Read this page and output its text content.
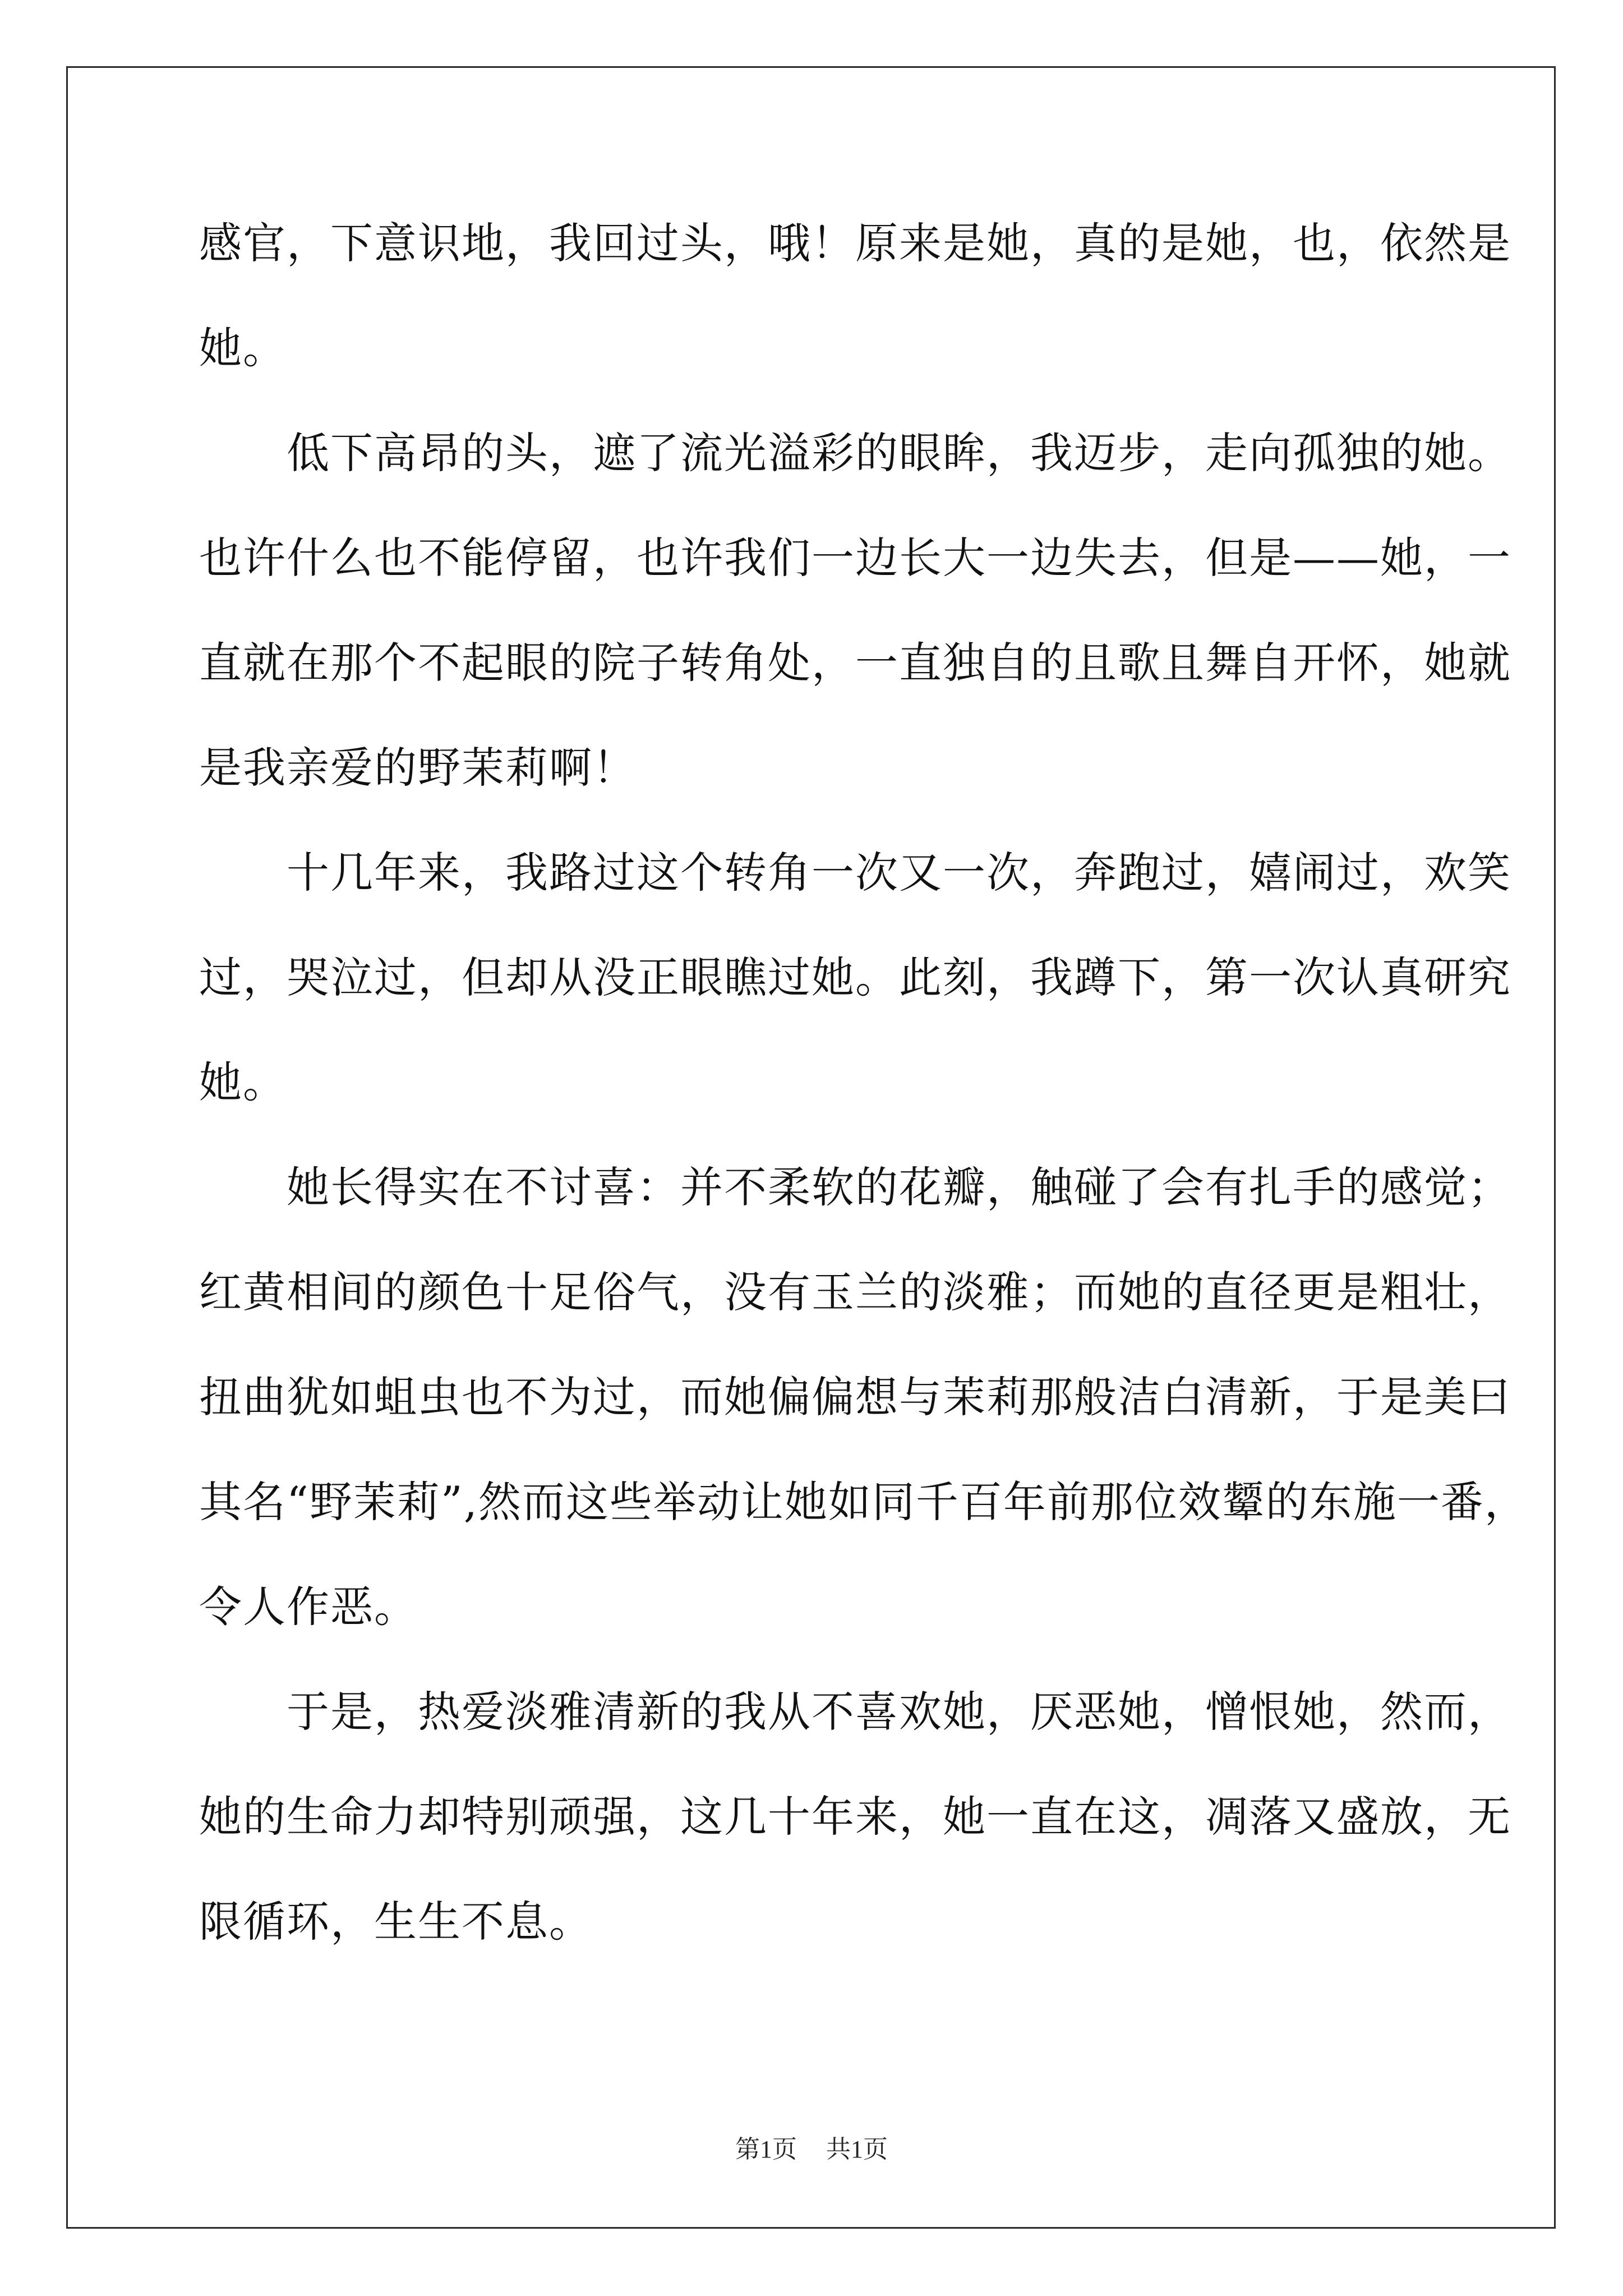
感官，下意识地，我回过头，哦！原来是她，真的是她，也，依然是

她。

　　低下高昂的头，遮了流光溢彩的眼眸，我迈步，走向孤独的她。

也许什么也不能停留，也许我们一边长大一边失去，但是——她，一

直就在那个不起眼的院子转角处，一直独自的且歌且舞自开怀，她就

是我亲爱的野茉莉啊！

　　十几年来，我路过这个转角一次又一次，奔跑过，嬉闹过，欢笑

过，哭泣过，但却从没正眼瞧过她。此刻，我蹲下，第一次认真研究

她。

　　她长得实在不讨喜：并不柔软的花瓣，触碰了会有扎手的感觉；

红黄相间的颜色十足俗气，没有玉兰的淡雅；而她的直径更是粗壮，

扭曲犹如蛆虫也不为过，而她偏偏想与茉莉那般洁白清新，于是美曰

其名“野茉莉”,然而这些举动让她如同千百年前那位效颦的东施一番，

令人作恶。

　　于是，热爱淡雅清新的我从不喜欢她，厌恶她，憎恨她，然而，

她的生命力却特别顽强，这几十年来，她一直在这，凋落又盛放，无

限循环，生生不息。

第1页 共1页
